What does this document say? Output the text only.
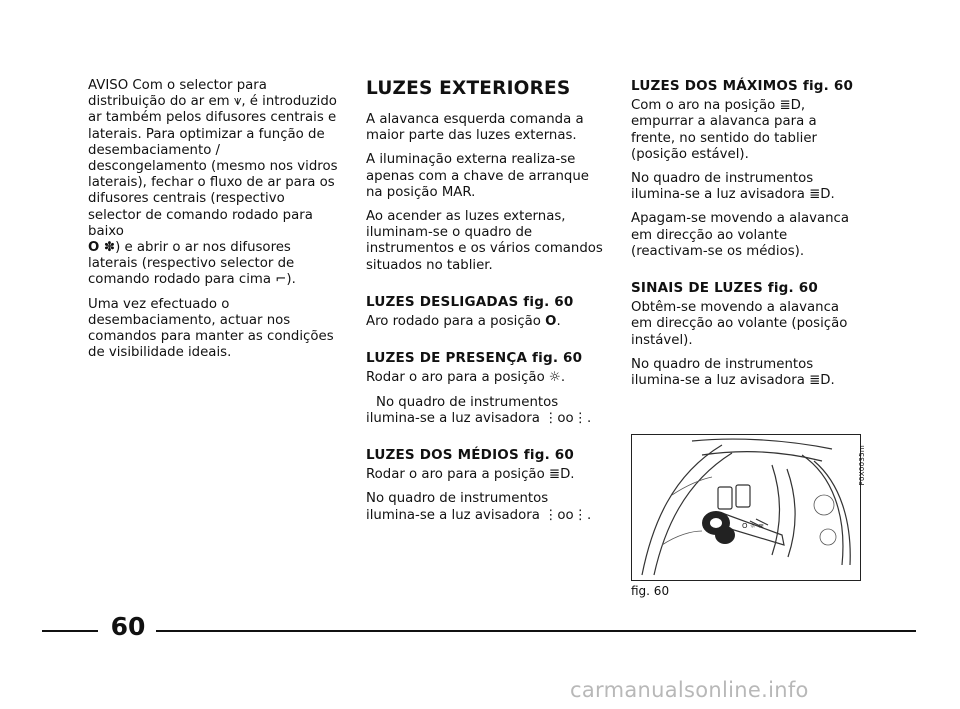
AVISO Com o selector para distribuição do ar em ⩛, é introduzido ar também pelos difusores centrais e laterais. Para optimizar a função de desembaciamento / descongelamento (mesmo nos vidros laterais), fechar o fluxo de ar para os difusores centrais (respectivo selector de comando rodado para baixo
O ✽) e abrir o ar nos difusores laterais (respectivo selector de comando rodado para cima ⌐).

Uma vez efectuado o desembaciamento, actuar nos comandos para manter as condições de visibilidade ideais.

LUZES EXTERIORES

A alavanca esquerda comanda a maior parte das luzes externas.

A iluminação externa realiza-se apenas com a chave de arranque na posição MAR.

Ao acender as luzes externas, iluminam-se o quadro de instrumentos e os vários comandos situados no tablier.

LUZES DESLIGADAS fig. 60

Aro rodado para a posição O.

LUZES DE PRESENÇA fig. 60

Rodar o aro para a posição ☼.

No quadro de instrumentos ilumina-se a luz avisadora ⋮oo⋮.

LUZES DOS MÉDIOS fig. 60

Rodar o aro para a posição ≣D.

No quadro de instrumentos ilumina-se a luz avisadora ⋮oo⋮.

LUZES DOS MÁXIMOS fig. 60

Com o aro na posição ≣D, empurrar a alavanca para a frente, no sentido do tablier (posição estável).

No quadro de instrumentos ilumina-se a luz avisadora ≣D.

Apagam-se movendo a alavanca em direcção ao volante (reactivam-se os médios).

SINAIS DE LUZES fig. 60

Obtêm-se movendo a alavanca em direcção ao volante (posição instável).

No quadro de instrumentos ilumina-se a luz avisadora ≣D.

O ☼ ≡
F0X0035m
fig. 60
60
carmanualsonline.info
